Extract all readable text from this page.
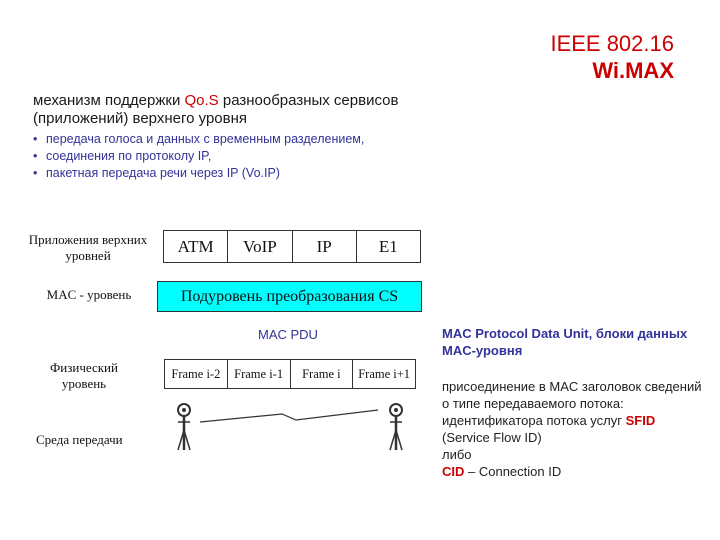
IEEE 802.16
Wi.MAX
механизм поддержки Qo.S разнообразных сервисов (приложений) верхнего уровня
• передача голоса и данных с временным разделением,
• соединения по протоколу IP,
• пакетная передача речи через IP (Vo.IP)
Приложения верхних уровней
MAC - уровень
Физический уровень
Среда передачи
ATM	VoIP	IP	E1
Подуровень преобразования CS
MAC PDU
Frame i-2	Frame i-1	Frame i	Frame i+1
MAC Protocol Data Unit, блоки данных MAC-уровня
присоединение в MAC заголовок сведений о типе передаваемого потока:
идентификатора потока услуг SFID
(Service Flow ID)
либо
CID – Connection ID
